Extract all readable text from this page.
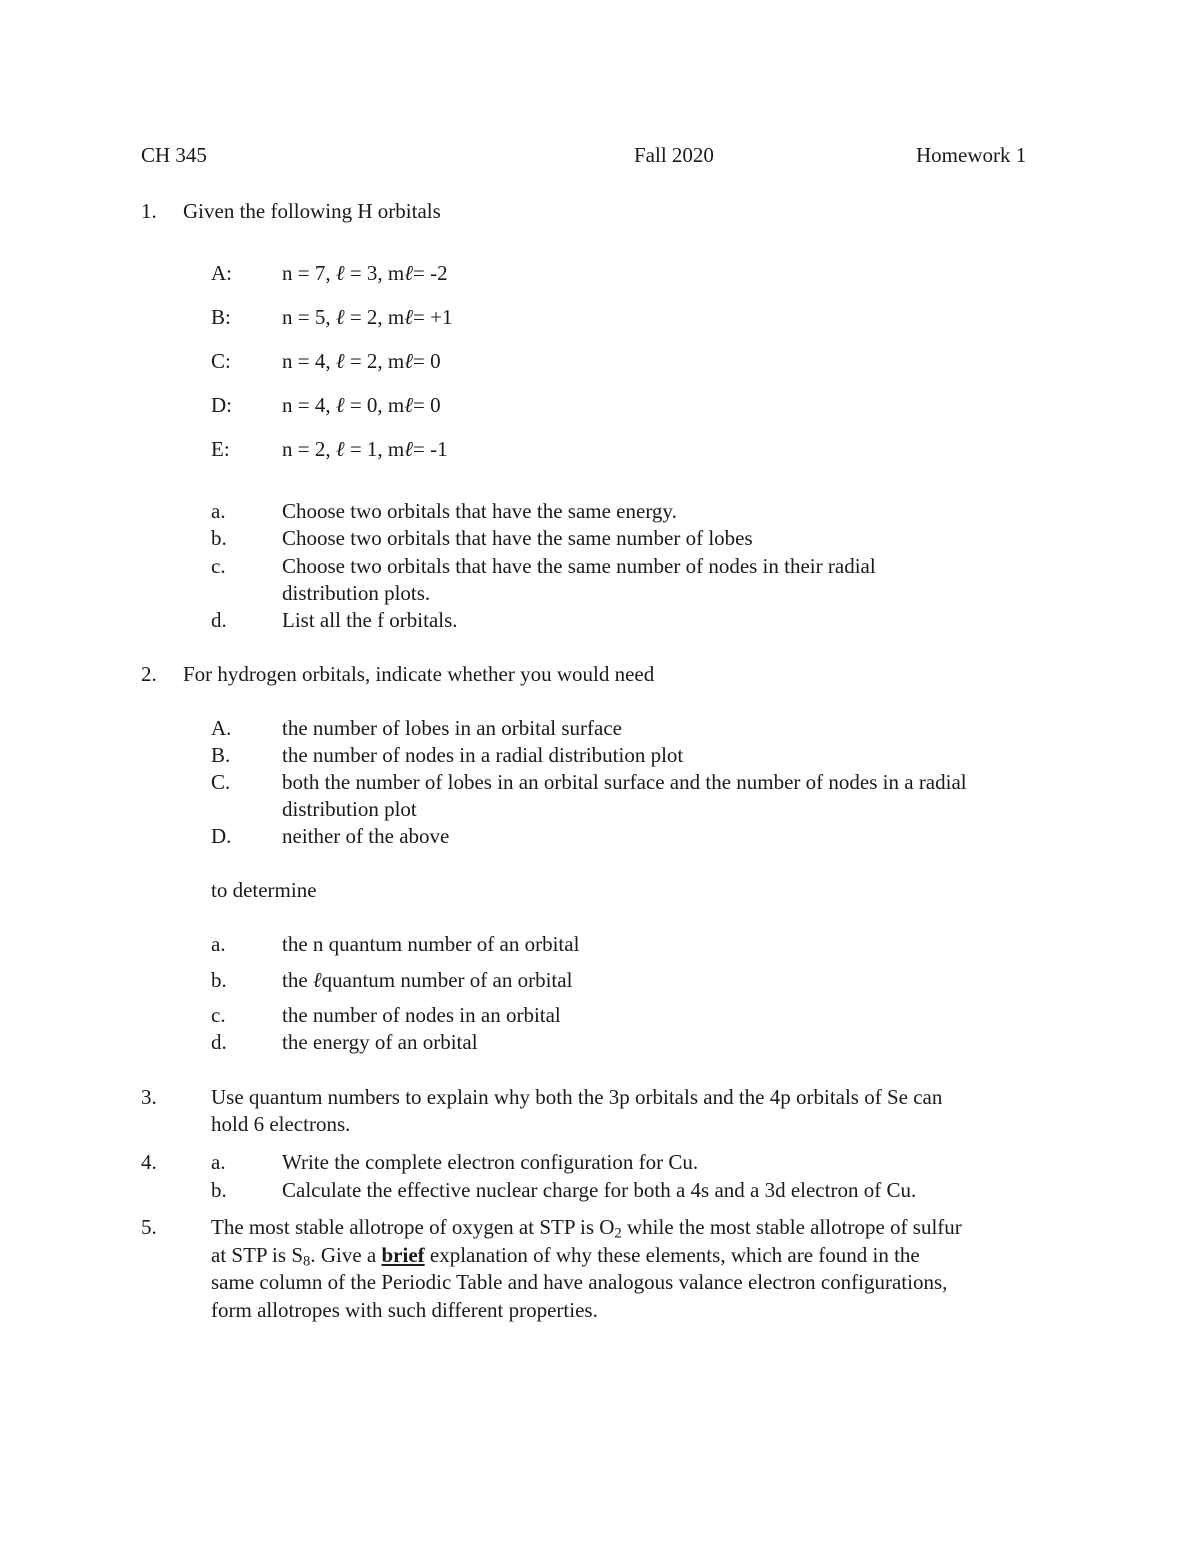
CH 345	Fall 2020	Homework 1
1. Given the following H orbitals
A: n = 7, ℓ = 3, mℓ= -2
B: n = 5, ℓ = 2, mℓ= +1
C: n = 4, ℓ = 2, mℓ= 0
D: n = 4, ℓ = 0, mℓ= 0
E: n = 2, ℓ = 1, mℓ= -1
a.	Choose two orbitals that have the same energy.
b.	Choose two orbitals that have the same number of lobes
c.	Choose two orbitals that have the same number of nodes in their radial
distribution plots.
d.	List all the f orbitals.
2. For hydrogen orbitals, indicate whether you would need
A. the number of lobes in an orbital surface
B. the number of nodes in a radial distribution plot
C. both the number of lobes in an orbital surface and the number of nodes in a radial
distribution plot
D. neither of the above
to determine
a.	the n quantum number of an orbital
b.	the ℓquantum number of an orbital
c.	the number of nodes in an orbital
d.	the energy of an orbital
3.	Use quantum numbers to explain why both the 3p orbitals and the 4p orbitals of Se can
hold 6 electrons.
4.	a.	Write the complete electron configuration for Cu.
b.	Calculate the effective nuclear charge for both a 4s and a 3d electron of Cu.
5.	The most stable allotrope of oxygen at STP is $O_2$ while the most stable allotrope of sulfur
at STP is $S_8$. Give a brief explanation of why these elements, which are found in the
same column of the Periodic Table and have analogous valance electron configurations,
form allotropes with such different properties.
